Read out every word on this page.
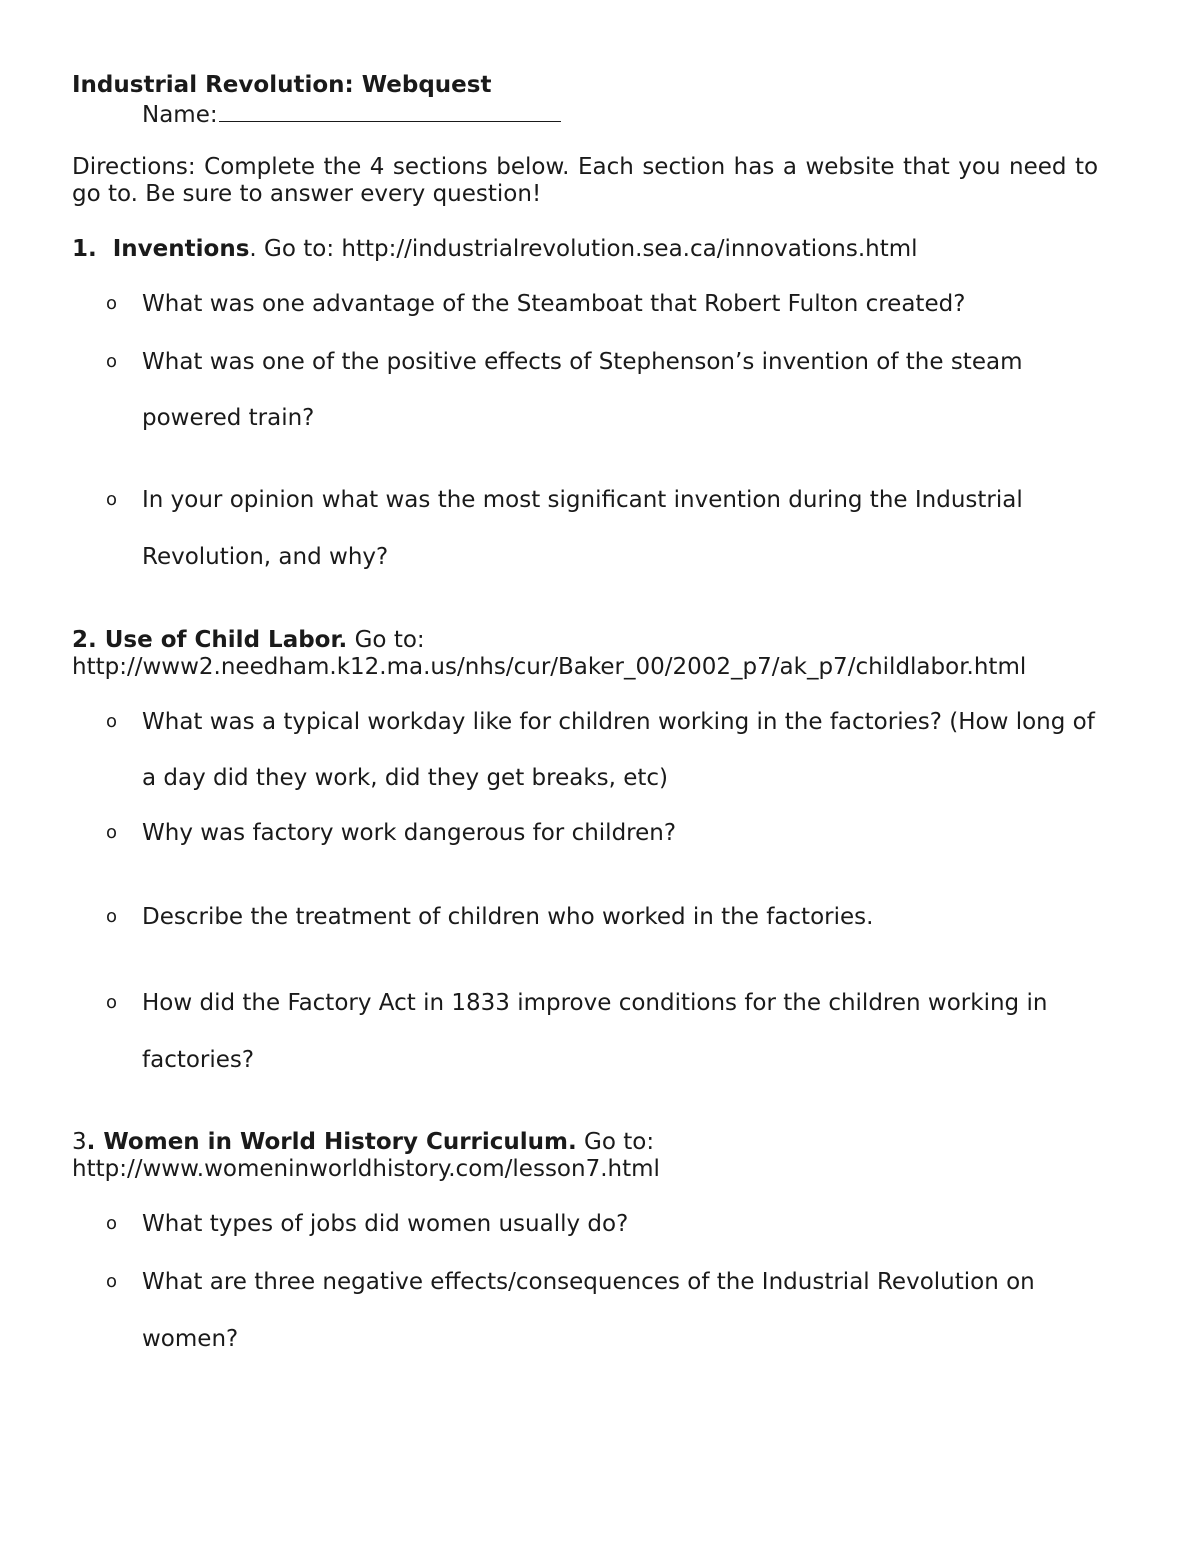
Industrial Revolution: Webquest
Name:
Directions: Complete the 4 sections below. Each section has a website that you need to
go to. Be sure to answer every question!
1. Inventions. Go to: http://industrialrevolution.sea.ca/innovations.html
o What was one advantage of the Steamboat that Robert Fulton created?
o What was one of the positive effects of Stephenson’s invention of the steam
powered train?
o In your opinion what was the most significant invention during the Industrial
Revolution, and why?
2. Use of Child Labor. Go to:
http://www2.needham.k12.ma.us/nhs/cur/Baker_00/2002_p7/ak_p7/childlabor.html
o What was a typical workday like for children working in the factories? (How long of
a day did they work, did they get breaks, etc)
o Why was factory work dangerous for children?
o Describe the treatment of children who worked in the factories.
o How did the Factory Act in 1833 improve conditions for the children working in
factories?
3. Women in World History Curriculum. Go to:
http://www.womeninworldhistory.com/lesson7.html
o What types of jobs did women usually do?
o What are three negative effects/consequences of the Industrial Revolution on
women?
